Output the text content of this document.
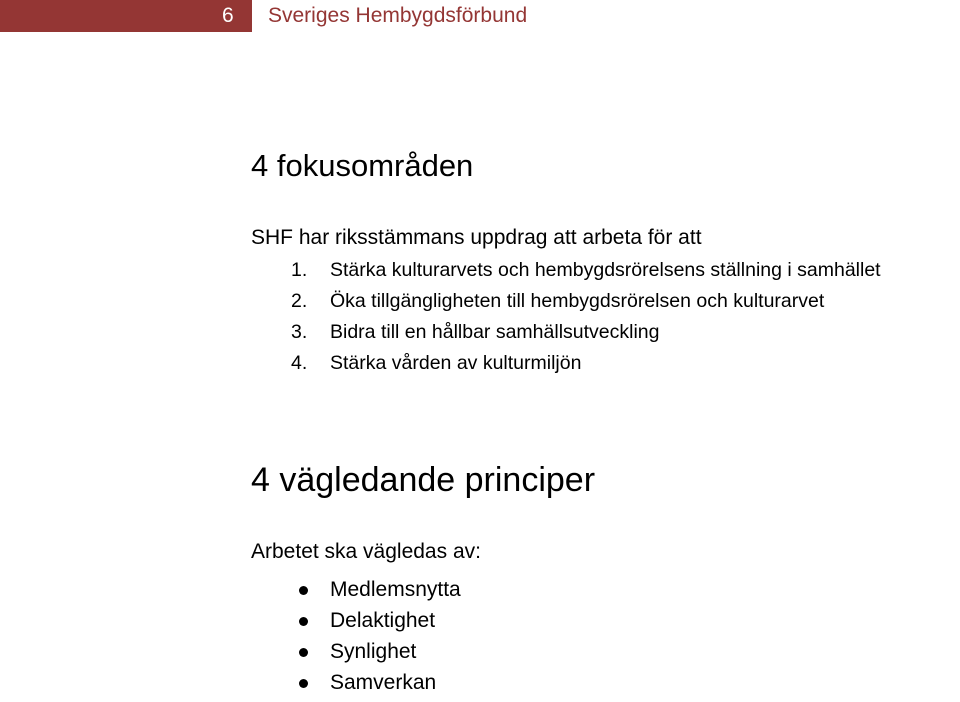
6 Sveriges Hembygdsförbund
4 fokusområden
SHF har riksstämmans uppdrag att arbeta för att
1. Stärka kulturarvets och hembygdsrörelsens ställning i samhället
2. Öka tillgängligheten till hembygdsrörelsen och kulturarvet
3. Bidra till en hållbar samhällsutveckling
4. Stärka vården av kulturmiljön
4 vägledande principer
Arbetet ska vägledas av:
Medlemsnytta
Delaktighet
Synlighet
Samverkan
